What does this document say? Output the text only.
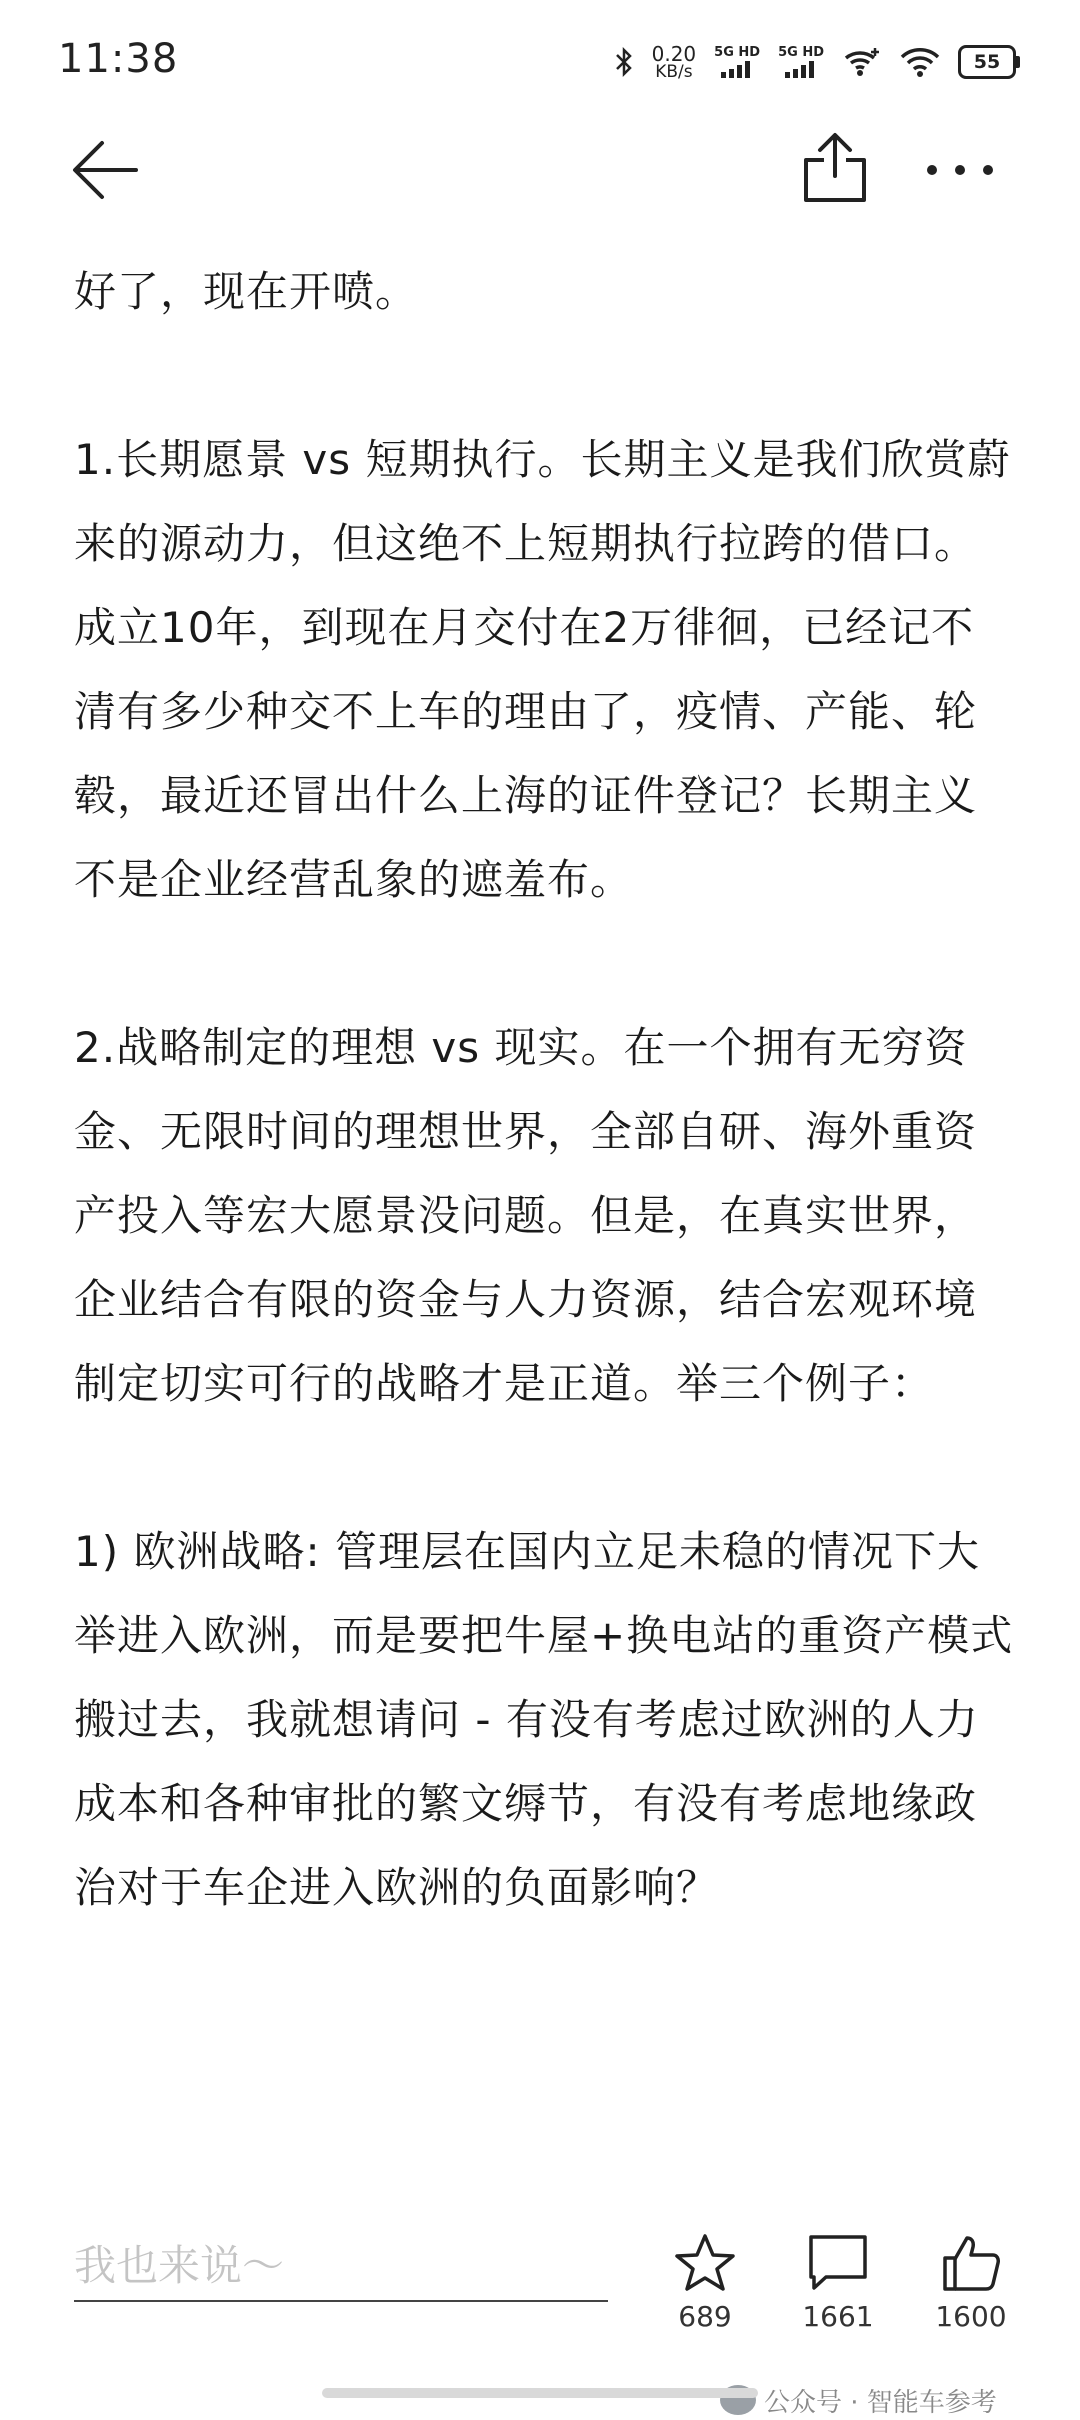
11:38	0.20
KB/s
5G HD 5G HD	55

好了，现在开喷。

1.长期愿景 vs 短期执行。长期主义是我们欣赏蔚来的源动力，但这绝不上短期执行拉跨的借口。成立10年，到现在月交付在2万徘徊，已经记不清有多少种交不上车的理由了，疫情、产能、轮毂，最近还冒出什么上海的证件登记？长期主义不是企业经营乱象的遮羞布。

2.战略制定的理想 vs 现实。在一个拥有无穷资金、无限时间的理想世界，全部自研、海外重资产投入等宏大愿景没问题。但是，在真实世界，企业结合有限的资金与人力资源，结合宏观环境制定切实可行的战略才是正道。举三个例子：

1) 欧洲战略: 管理层在国内立足未稳的情况下大举进入欧洲，而是要把牛屋+换电站的重资产模式搬过去，我就想请问 - 有没有考虑过欧洲的人力成本和各种审批的繁文缛节，有没有考虑地缘政治对于车企进入欧洲的负面影响？

我也来说～
689	1661	1600
公众号 · 智能车参考
